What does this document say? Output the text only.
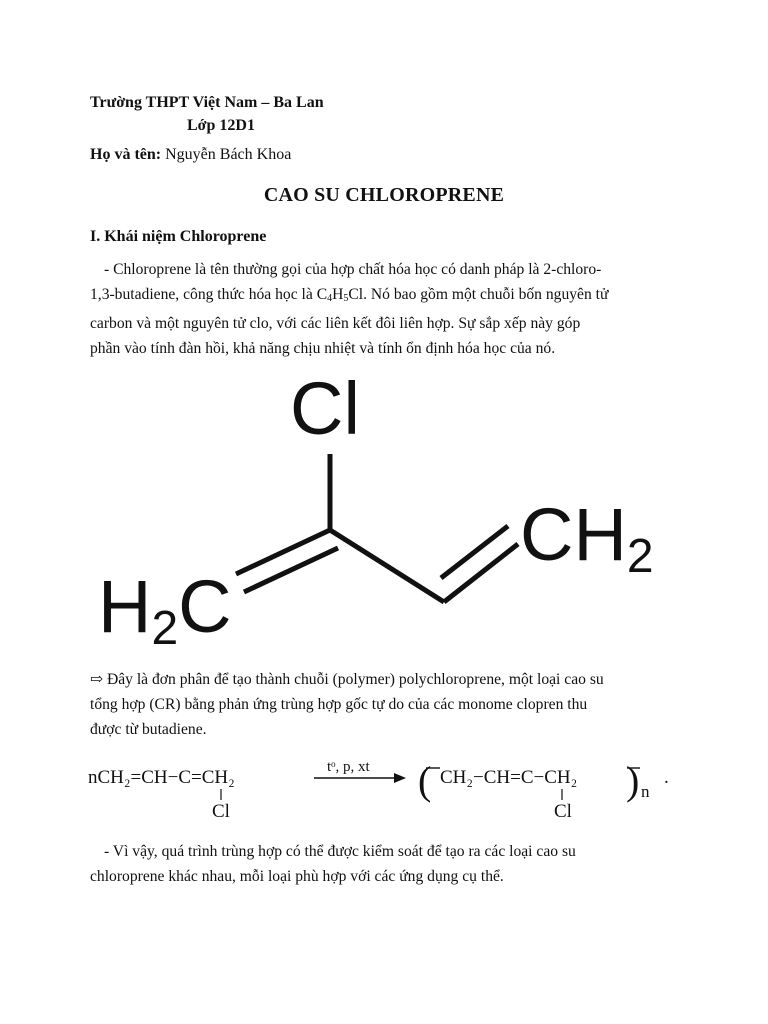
Trường THPT Việt Nam – Ba Lan
Lớp 12D1
Họ và tên: Nguyễn Bách Khoa
CAO SU CHLOROPRENE
I. Khái niệm Chloroprene
- Chloroprene là tên thường gọi của hợp chất hóa học có danh pháp là 2-chloro-
1,3-butadiene, công thức hóa học là $C_4H_5Cl$. Nó bao gồm một chuỗi bốn nguyên tử
carbon và một nguyên tử clo, với các liên kết đôi liên hợp. Sự sắp xếp này góp
phần vào tính đàn hồi, khả năng chịu nhiệt và tính ổn định hóa học của nó.
Cl
CH2
H2C
⇨ Đây là đơn phân để tạo thành chuỗi (polymer) polychloroprene, một loại cao su
tổng hợp (CR) bằng phản ứng trùng hợp gốc tự do của các monome clopren thu
được từ butadiene.
nCH₂=CH−C=CH₂
Cl
tᵒ, p, xt ( CH₂−CH=C−CH₂
Cl
) n
.
- Vì vậy, quá trình trùng hợp có thể được kiểm soát để tạo ra các loại cao su
chloroprene khác nhau, mỗi loại phù hợp với các ứng dụng cụ thể.
